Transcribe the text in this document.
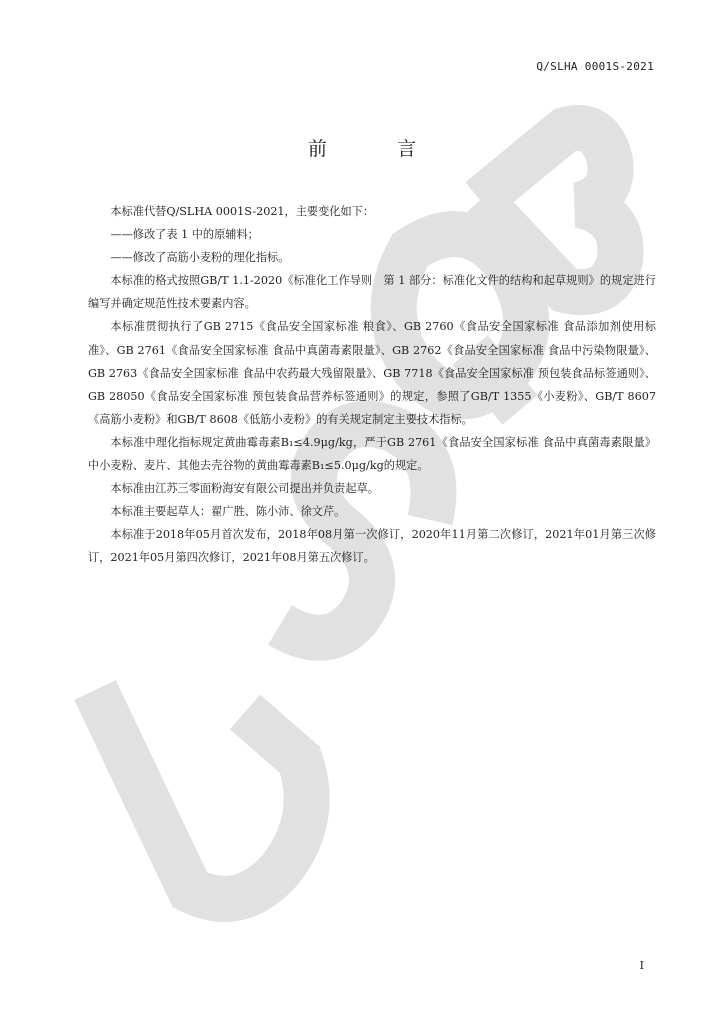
Q/SLHA 0001S-2021
前 言

本标准代替Q/SLHA 0001S-2021，主要变化如下：

——修改了表 1 中的原辅料；

——修改了高筋小麦粉的理化指标。

本标准的格式按照GB/T 1.1-2020《标准化工作导则　第 1 部分：标准化文件的结构和起草规则》的规定进行编写并确定规范性技术要素内容。

本标准贯彻执行了GB 2715《食品安全国家标准 粮食》、GB 2760《食品安全国家标准 食品添加剂使用标准》、GB 2761《食品安全国家标准 食品中真菌毒素限量》、GB 2762《食品安全国家标准 食品中污染物限量》、GB 2763《食品安全国家标准 食品中农药最大残留限量》、GB 7718《食品安全国家标准 预包装食品标签通则》、GB 28050《食品安全国家标准 预包装食品营养标签通则》的规定，参照了GB/T 1355《小麦粉》、GB/T 8607《高筋小麦粉》和GB/T 8608《低筋小麦粉》的有关规定制定主要技术指标。

本标准中理化指标规定黄曲霉毒素B₁≤4.9μg/kg，严于GB 2761《食品安全国家标准 食品中真菌毒素限量》中小麦粉、麦片、其他去壳谷物的黄曲霉毒素B₁≤5.0μg/kg的规定。

本标准由江苏三零面粉海安有限公司提出并负责起草。

本标准主要起草人：翟广胜、陈小沛、徐文芹。

本标准于2018年05月首次发布，2018年08月第一次修订，2020年11月第二次修订，2021年01月第三次修订，2021年05月第四次修订，2021年08月第五次修订。

I
